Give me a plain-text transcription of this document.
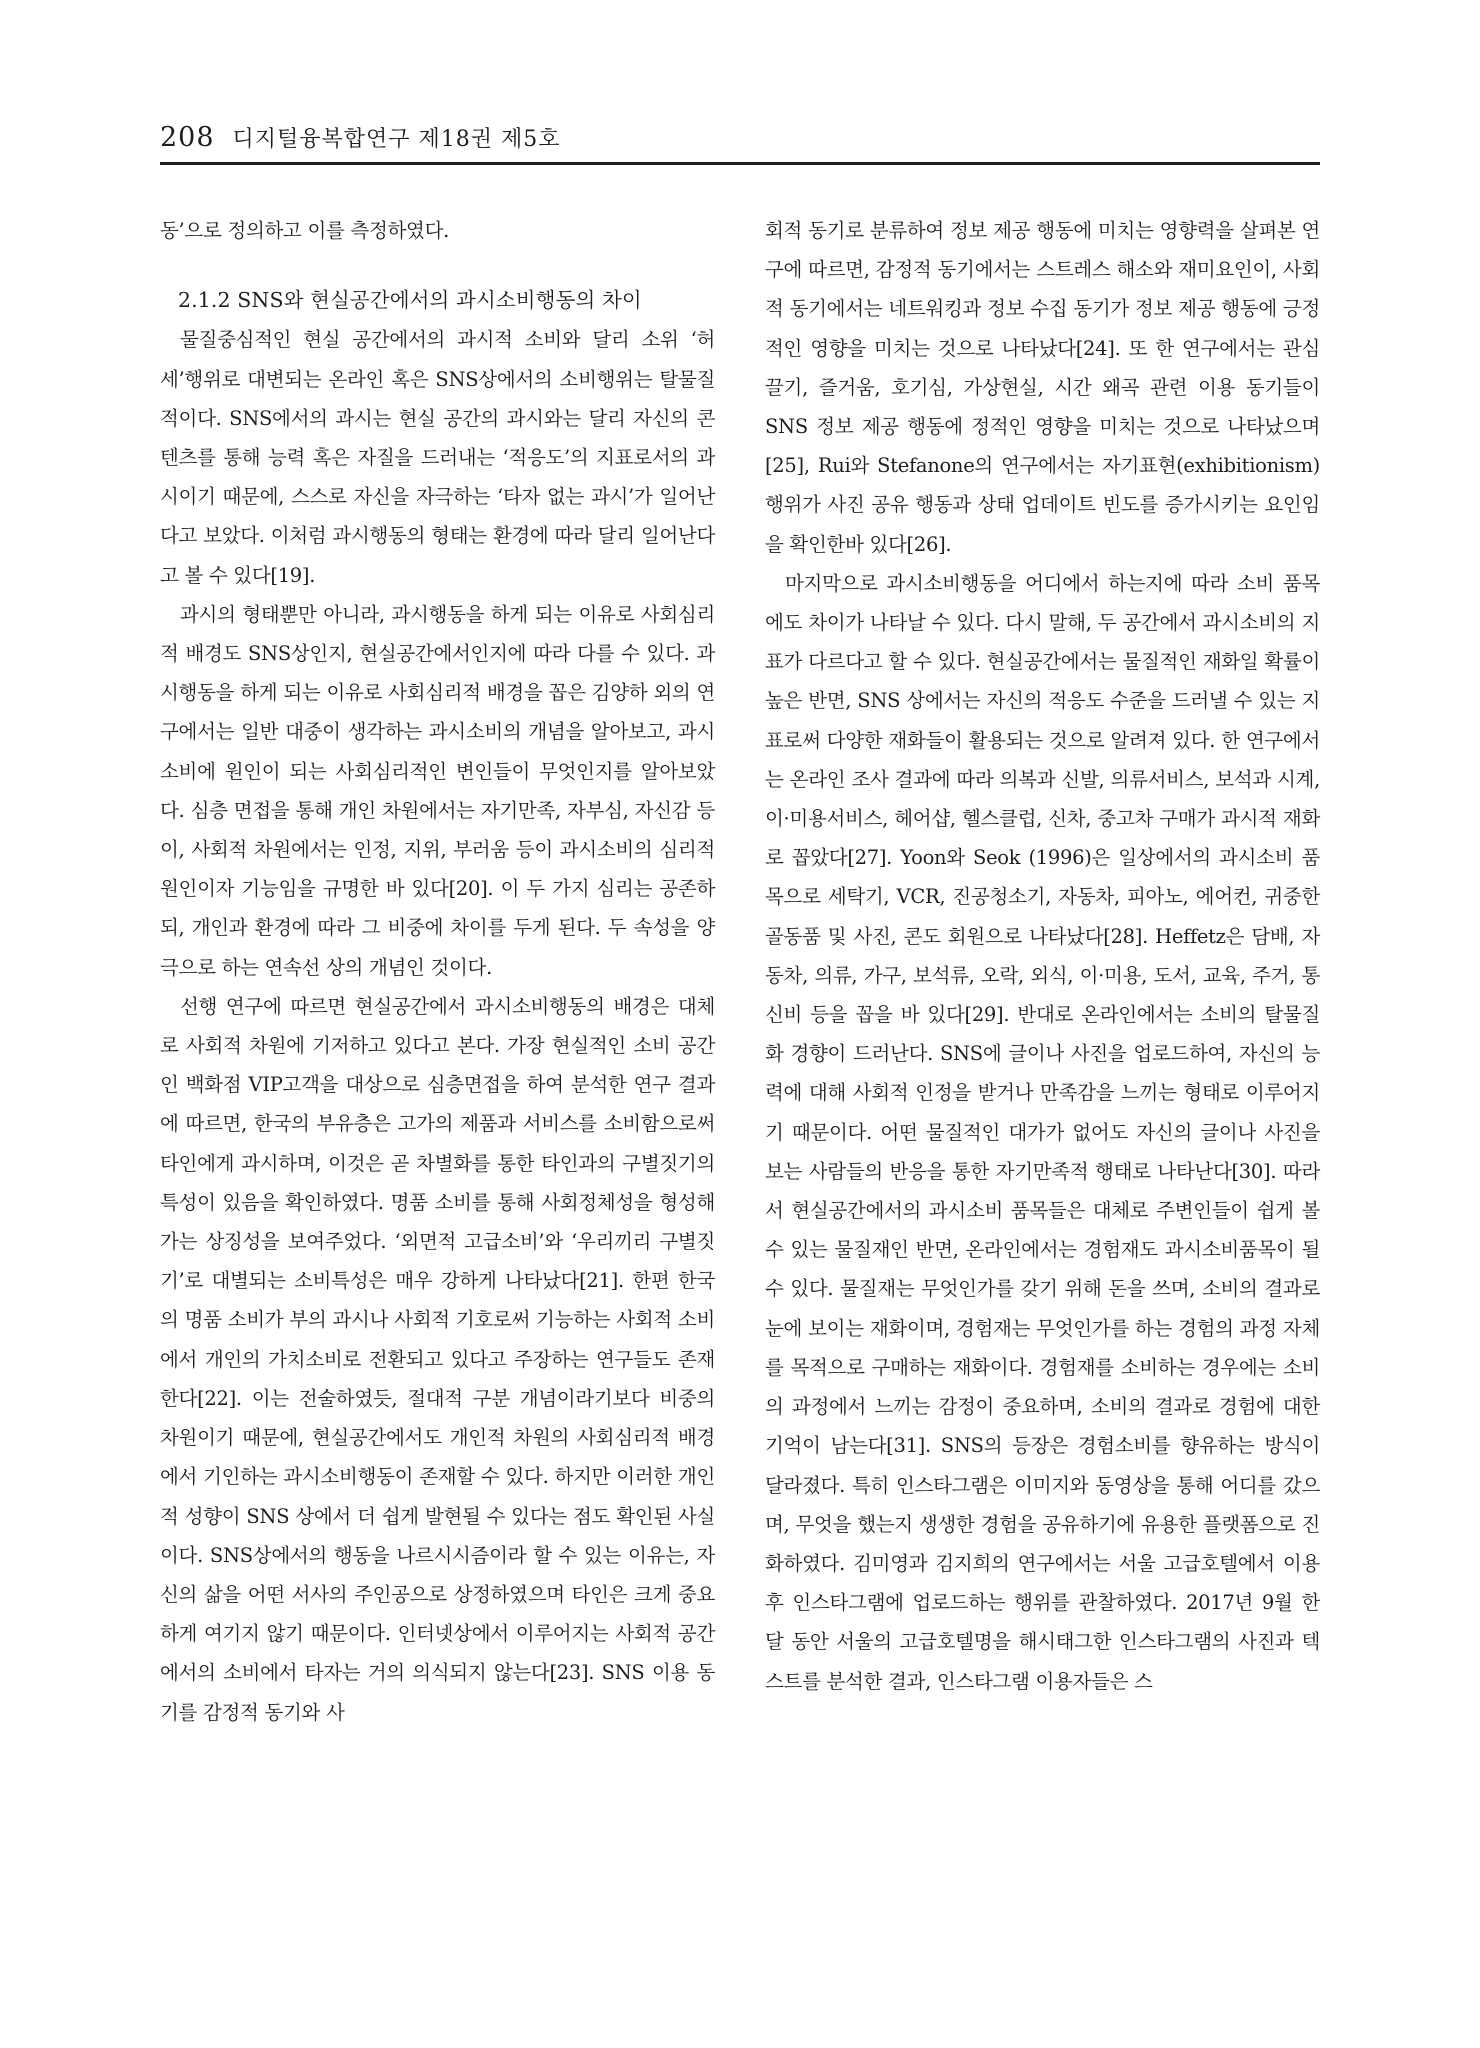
208 디지털융복합연구 제18권 제5호

동’으로 정의하고 이를 측정하였다.

2.1.2 SNS와 현실공간에서의 과시소비행동의 차이

물질중심적인 현실 공간에서의 과시적 소비와 달리 소위 ‘허세’행위로 대변되는 온라인 혹은 SNS상에서의 소비행위는 탈물질적이다. SNS에서의 과시는 현실 공간의 과시와는 달리 자신의 콘텐츠를 통해 능력 혹은 자질을 드러내는 ‘적응도’의 지표로서의 과시이기 때문에, 스스로 자신을 자극하는 ‘타자 없는 과시’가 일어난다고 보았다. 이처럼 과시행동의 형태는 환경에 따라 달리 일어난다고 볼 수 있다[19].

과시의 형태뿐만 아니라, 과시행동을 하게 되는 이유로 사회심리적 배경도 SNS상인지, 현실공간에서인지에 따라 다를 수 있다. 과시행동을 하게 되는 이유로 사회심리적 배경을 꼽은 김양하 외의 연구에서는 일반 대중이 생각하는 과시소비의 개념을 알아보고, 과시소비에 원인이 되는 사회심리적인 변인들이 무엇인지를 알아보았다. 심층 면접을 통해 개인 차원에서는 자기만족, 자부심, 자신감 등이, 사회적 차원에서는 인정, 지위, 부러움 등이 과시소비의 심리적 원인이자 기능임을 규명한 바 있다[20]. 이 두 가지 심리는 공존하되, 개인과 환경에 따라 그 비중에 차이를 두게 된다. 두 속성을 양극으로 하는 연속선 상의 개념인 것이다.

선행 연구에 따르면 현실공간에서 과시소비행동의 배경은 대체로 사회적 차원에 기저하고 있다고 본다. 가장 현실적인 소비 공간인 백화점 VIP고객을 대상으로 심층면접을 하여 분석한 연구 결과에 따르면, 한국의 부유층은 고가의 제품과 서비스를 소비함으로써 타인에게 과시하며, 이것은 곧 차별화를 통한 타인과의 구별짓기의 특성이 있음을 확인하였다. 명품 소비를 통해 사회정체성을 형성해 가는 상징성을 보여주었다. ‘외면적 고급소비’와 ‘우리끼리 구별짓기’로 대별되는 소비특성은 매우 강하게 나타났다[21]. 한편 한국의 명품 소비가 부의 과시나 사회적 기호로써 기능하는 사회적 소비에서 개인의 가치소비로 전환되고 있다고 주장하는 연구들도 존재한다[22]. 이는 전술하였듯, 절대적 구분 개념이라기보다 비중의 차원이기 때문에, 현실공간에서도 개인적 차원의 사회심리적 배경에서 기인하는 과시소비행동이 존재할 수 있다. 하지만 이러한 개인적 성향이 SNS 상에서 더 쉽게 발현될 수 있다는 점도 확인된 사실이다. SNS상에서의 행동을 나르시시즘이라 할 수 있는 이유는, 자신의 삶을 어떤 서사의 주인공으로 상정하였으며 타인은 크게 중요하게 여기지 않기 때문이다. 인터넷상에서 이루어지는 사회적 공간에서의 소비에서 타자는 거의 의식되지 않는다[23]. SNS 이용 동기를 감정적 동기와 사

회적 동기로 분류하여 정보 제공 행동에 미치는 영향력을 살펴본 연구에 따르면, 감정적 동기에서는 스트레스 해소와 재미요인이, 사회적 동기에서는 네트워킹과 정보 수집 동기가 정보 제공 행동에 긍정적인 영향을 미치는 것으로 나타났다[24]. 또 한 연구에서는 관심 끌기, 즐거움, 호기심, 가상현실, 시간 왜곡 관련 이용 동기들이 SNS 정보 제공 행동에 정적인 영향을 미치는 것으로 나타났으며[25], Rui와 Stefanone의 연구에서는 자기표현(exhibitionism)행위가 사진 공유 행동과 상태 업데이트 빈도를 증가시키는 요인임을 확인한바 있다[26].

마지막으로 과시소비행동을 어디에서 하는지에 따라 소비 품목에도 차이가 나타날 수 있다. 다시 말해, 두 공간에서 과시소비의 지표가 다르다고 할 수 있다. 현실공간에서는 물질적인 재화일 확률이 높은 반면, SNS 상에서는 자신의 적응도 수준을 드러낼 수 있는 지표로써 다양한 재화들이 활용되는 것으로 알려져 있다. 한 연구에서는 온라인 조사 결과에 따라 의복과 신발, 의류서비스, 보석과 시계, 이·미용서비스, 헤어샵, 헬스클럽, 신차, 중고차 구매가 과시적 재화로 꼽았다[27]. Yoon와 Seok (1996)은 일상에서의 과시소비 품목으로 세탁기, VCR, 진공청소기, 자동차, 피아노, 에어컨, 귀중한 골동품 및 사진, 콘도 회원으로 나타났다[28]. Heffetz은 담배, 자동차, 의류, 가구, 보석류, 오락, 외식, 이·미용, 도서, 교육, 주거, 통신비 등을 꼽을 바 있다[29]. 반대로 온라인에서는 소비의 탈물질화 경향이 드러난다. SNS에 글이나 사진을 업로드하여, 자신의 능력에 대해 사회적 인정을 받거나 만족감을 느끼는 형태로 이루어지기 때문이다. 어떤 물질적인 대가가 없어도 자신의 글이나 사진을 보는 사람들의 반응을 통한 자기만족적 행태로 나타난다[30]. 따라서 현실공간에서의 과시소비 품목들은 대체로 주변인들이 쉽게 볼 수 있는 물질재인 반면, 온라인에서는 경험재도 과시소비품목이 될 수 있다. 물질재는 무엇인가를 갖기 위해 돈을 쓰며, 소비의 결과로 눈에 보이는 재화이며, 경험재는 무엇인가를 하는 경험의 과정 자체를 목적으로 구매하는 재화이다. 경험재를 소비하는 경우에는 소비의 과정에서 느끼는 감정이 중요하며, 소비의 결과로 경험에 대한 기억이 남는다[31]. SNS의 등장은 경험소비를 향유하는 방식이 달라졌다. 특히 인스타그램은 이미지와 동영상을 통해 어디를 갔으며, 무엇을 했는지 생생한 경험을 공유하기에 유용한 플랫폼으로 진화하였다. 김미영과 김지희의 연구에서는 서울 고급호텔에서 이용 후 인스타그램에 업로드하는 행위를 관찰하였다. 2017년 9월 한 달 동안 서울의 고급호텔명을 해시태그한 인스타그램의 사진과 텍스트를 분석한 결과, 인스타그램 이용자들은 스
